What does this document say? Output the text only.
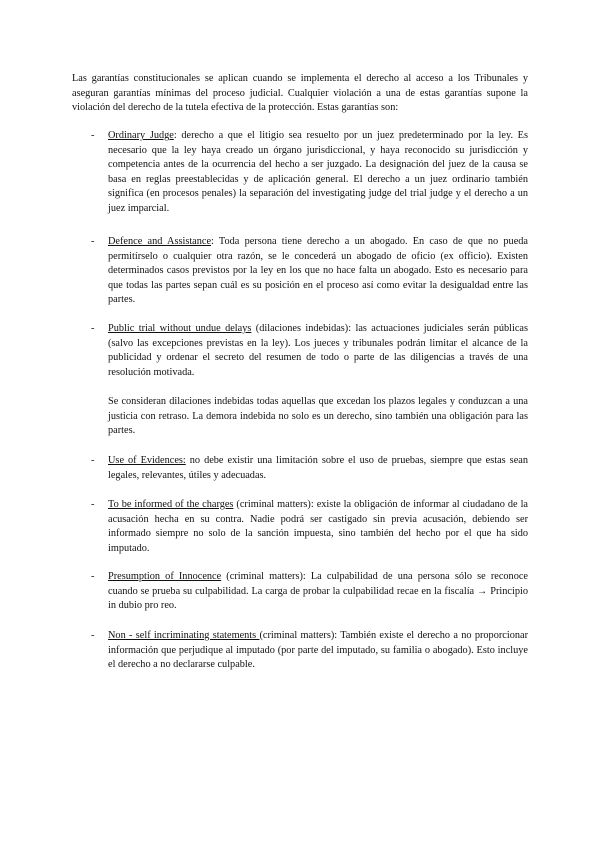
Las garantías constitucionales se aplican cuando se implementa el derecho al acceso a los Tribunales y aseguran garantías mínimas del proceso judicial. Cualquier violación a una de estas garantías supone la violación del derecho de la tutela efectiva de la protección. Estas garantías son:

-	Ordinary Judge: derecho a que el litigio sea resuelto por un juez predeterminado por la ley. Es necesario que la ley haya creado un órgano jurisdiccional, y haya reconocido su jurisdicción y competencia antes de la ocurrencia del hecho a ser juzgado. La designación del juez de la causa se basa en reglas preestablecidas y de aplicación general. El derecho a un juez ordinario también significa (en procesos penales) la separación del investigating judge del trial judge y el derecho a un juez imparcial.

-	Defence and Assistance: Toda persona tiene derecho a un abogado. En caso de que no pueda permitírselo o cualquier otra razón, se le concederá un abogado de oficio (ex officio). Existen determinados casos previstos por la ley en los que no hace falta un abogado. Esto es necesario para que todas las partes sepan cuál es su posición en el proceso así como evitar la desigualdad entre las partes.

-	Public trial without undue delays (dilaciones indebidas): las actuaciones judiciales serán públicas (salvo las excepciones previstas en la ley). Los jueces y tribunales podrán limitar el alcance de la publicidad y ordenar el secreto del resumen de todo o parte de las diligencias a través de una resolución motivada.

Se consideran dilaciones indebidas todas aquellas que excedan los plazos legales y conduzcan a una justicia con retraso. La demora indebida no solo es un derecho, sino también una obligación para las partes.

-	Use of Evidences: no debe existir una limitación sobre el uso de pruebas, siempre que estas sean legales, relevantes, útiles y adecuadas.

-	To be informed of the charges (criminal matters): existe la obligación de informar al ciudadano de la acusación hecha en su contra. Nadie podrá ser castigado sin previa acusación, debiendo ser informado siempre no solo de la sanción impuesta, sino también del hecho por el que ha sido imputado.

-	Presumption of Innocence (criminal matters): La culpabilidad de una persona sólo se reconoce cuando se prueba su culpabilidad. La carga de probar la culpabilidad recae en la fiscalía → Principio in dubio pro reo.

-	Non - self incriminating statements (criminal matters): También existe el derecho a no proporcionar información que perjudique al imputado (por parte del imputado, su familia o abogado). Esto incluye el derecho a no declararse culpable.
